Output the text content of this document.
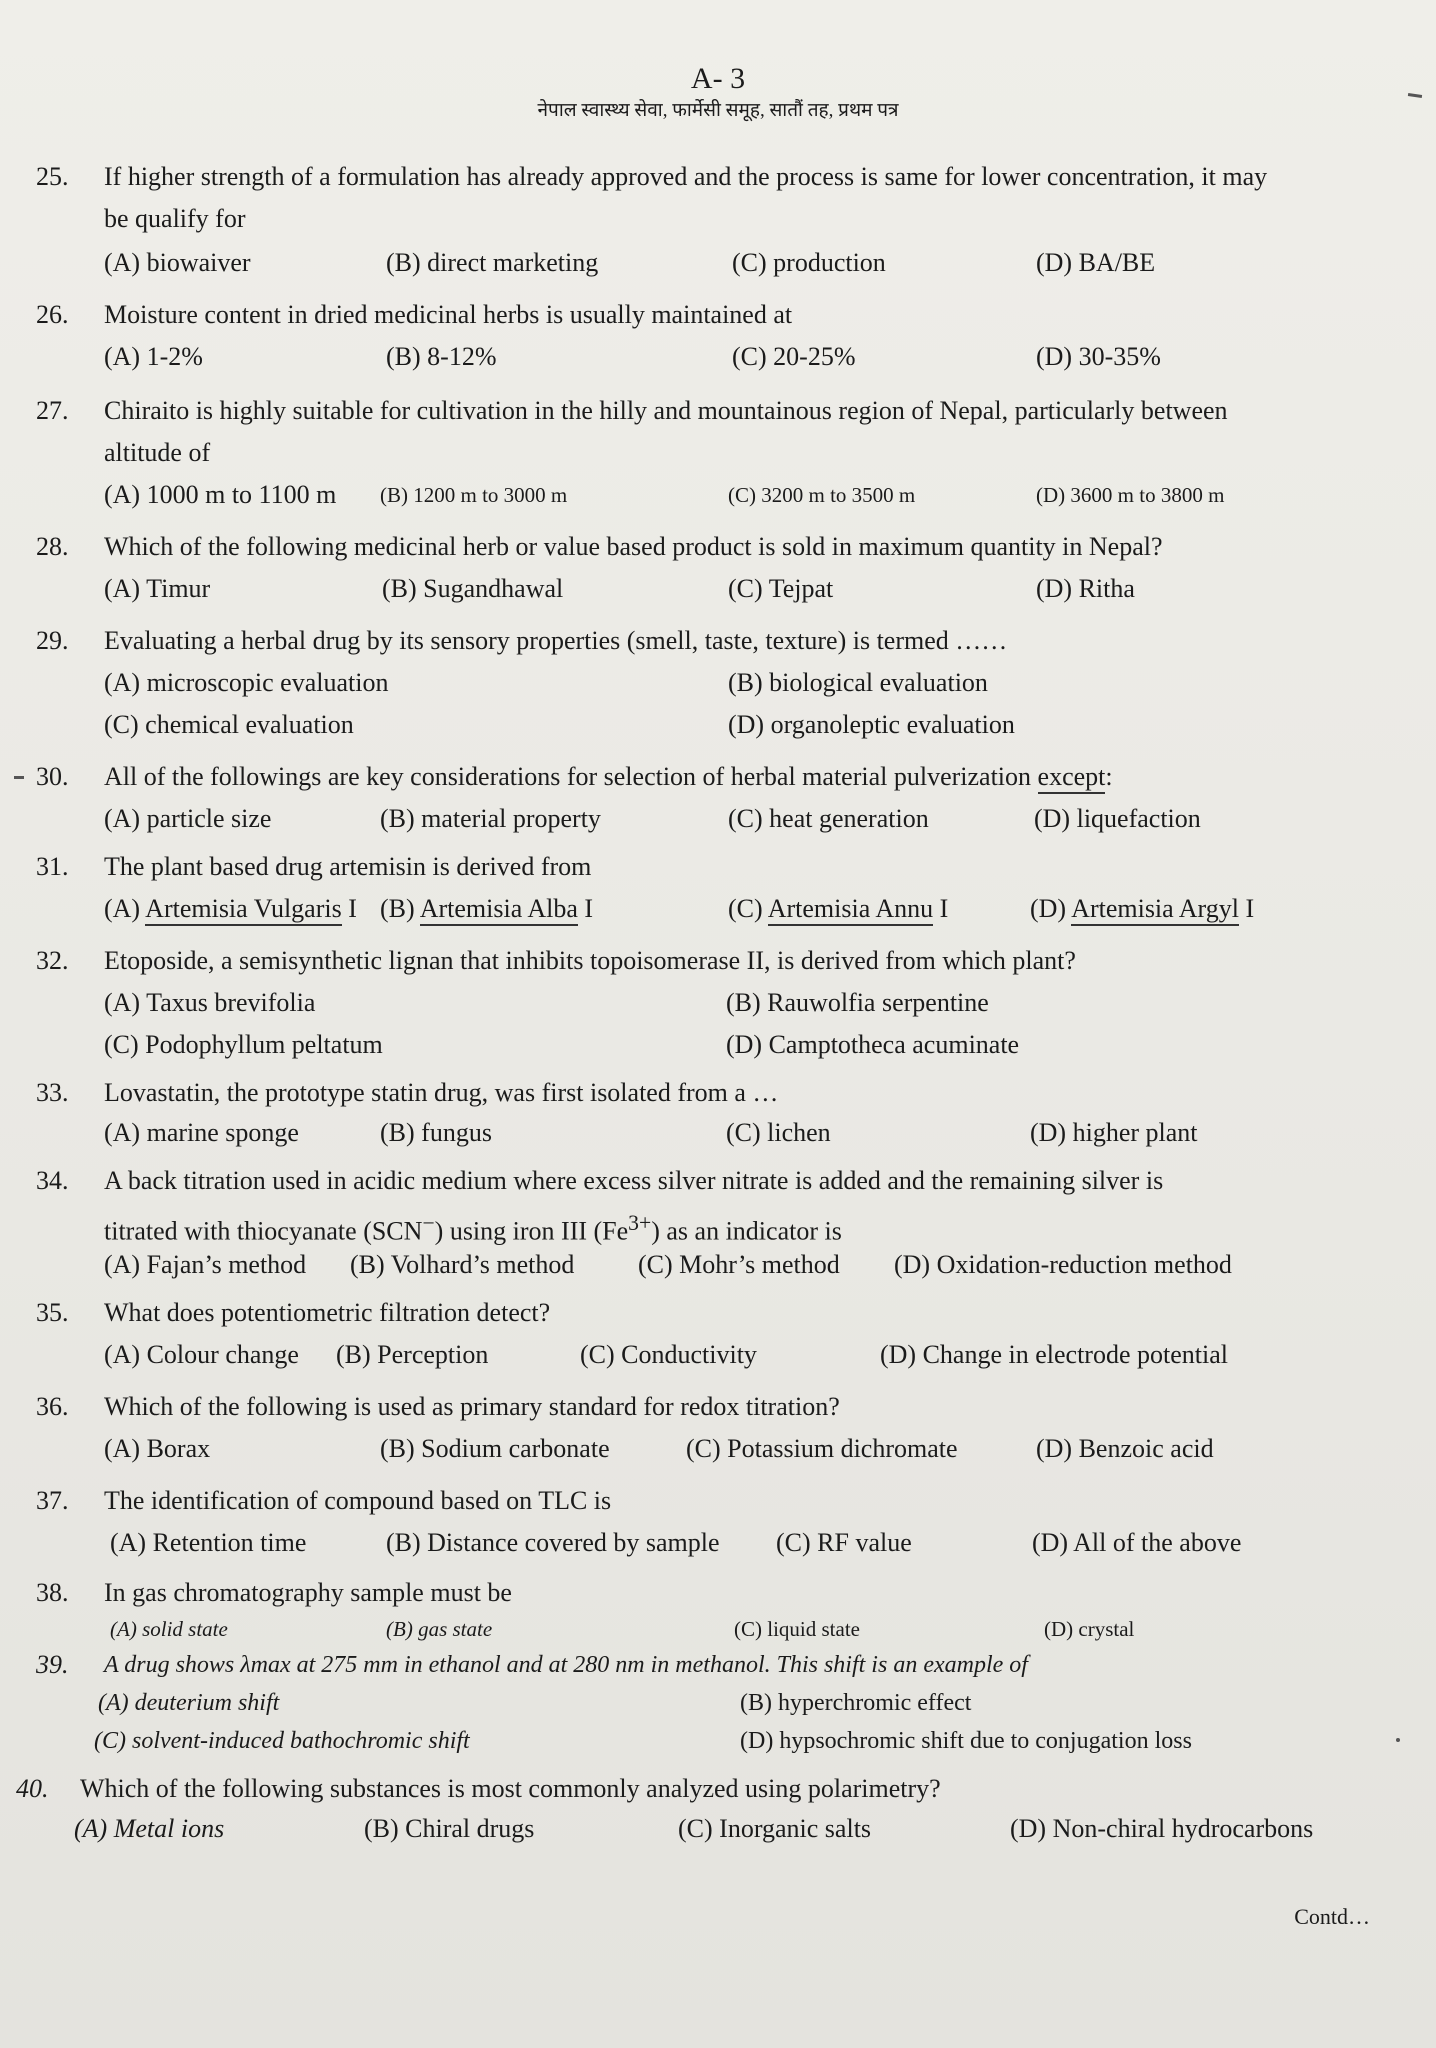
A- 3
नेपाल स्वास्थ्य सेवा, फार्मेसी समूह, सातौं तह, प्रथम पत्र
25.	If higher strength of a formulation has already approved and the process is same for lower concentration, it may be qualify for
(A) biowaiver	(B) direct marketing	(C) production	(D) BA/BE
26.	Moisture content in dried medicinal herbs is usually maintained at
(A) 1-2%	(B) 8-12%	(C) 20-25%	(D) 30-35%
27.	Chiraito is highly suitable for cultivation in the hilly and mountainous region of Nepal, particularly between altitude of
(A) 1000 m to 1100 m (B) 1200 m to 3000 m	(C) 3200 m to 3500 m	(D) 3600 m to 3800 m
28.	Which of the following medicinal herb or value based product is sold in maximum quantity in Nepal?
(A) Timur	(B) Sugandhawal	(C) Tejpat	(D) Ritha
29.	Evaluating a herbal drug by its sensory properties (smell, taste, texture) is termed ……
(A) microscopic evaluation	(B) biological evaluation
(C) chemical evaluation	(D) organoleptic evaluation
30.	All of the followings are key considerations for selection of herbal material pulverization except:
(A) particle size	(B) material property	(C) heat generation	(D) liquefaction
31.	The plant based drug artemisin is derived from
(A) Artemisia Vulgaris I (B) Artemisia Alba I	(C) Artemisia Annu I	(D) Artemisia Argyl I
32.	Etoposide, a semisynthetic lignan that inhibits topoisomerase II, is derived from which plant?
(A) Taxus brevifolia	(B) Rauwolfia serpentine
(C) Podophyllum peltatum	(D) Camptotheca acuminate
33.	Lovastatin, the prototype statin drug, was first isolated from a …
(A) marine sponge	(B) fungus	(C) lichen	(D) higher plant
34.	A back titration used in acidic medium where excess silver nitrate is added and the remaining silver is
titrated with thiocyanate (SCN−) using iron III $(Fe^{3+})$ as an indicator is
(A) Fajan’s method (B) Volhard’s method (C) Mohr’s method (D) Oxidation-reduction method
35.	What does potentiometric filtration detect?
(A) Colour change (B) Perception	(C) Conductivity	(D) Change in electrode potential
36.	Which of the following is used as primary standard for redox titration?
(A) Borax	(B) Sodium carbonate	(C) Potassium dichromate	(D) Benzoic acid
37.	The identification of compound based on TLC is
(A) Retention time	(B) Distance covered by sample (C) RF value	(D) All of the above
38.	In gas chromatography sample must be
(A) solid state	(B) gas state	(C) liquid state	(D) crystal
39.	A drug shows λmax at 275 mm in ethanol and at 280 nm in methanol. This shift is an example of
(A) deuterium shift	(B) hyperchromic effect
(C) solvent-induced bathochromic shift	(D) hypsochromic shift due to conjugation loss
40.	Which of the following substances is most commonly analyzed using polarimetry?
(A) Metal ions	(B) Chiral drugs	(C) Inorganic salts	(D) Non-chiral hydrocarbons
Contd…
